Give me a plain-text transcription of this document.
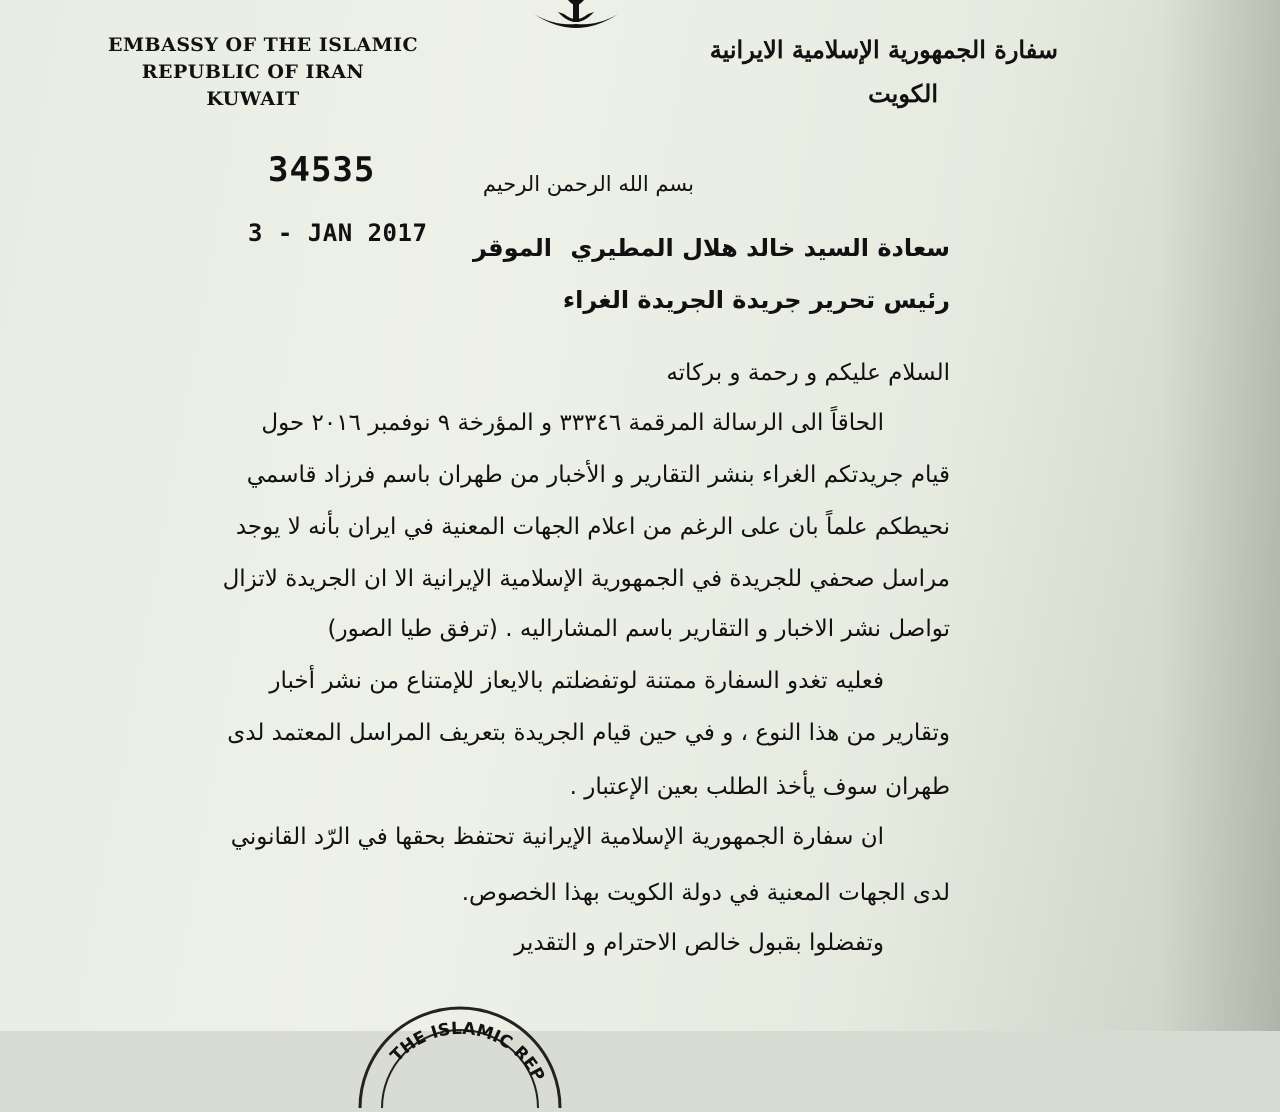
EMBASSY OF THE ISLAMIC
REPUBLIC OF IRAN
KUWAIT
سفارة الجمهورية الإسلامية الايرانية
الكويت
34535
3 - JAN 2017
بسم الله الرحمن الرحيم
سعادة السيد خالد هلال المطيري
الموقر
رئيس تحرير جريدة الجريدة الغراء
السلام عليكم و رحمة و بركاته
الحاقاً الى الرسالة المرقمة ٣٣٣٤٦ و المؤرخة ٩ نوفمبر ٢٠١٦ حول
قيام جريدتكم الغراء بنشر التقارير و الأخبار من طهران باسم فرزاد قاسمي
نحيطكم علماً بان على الرغم من اعلام الجهات المعنية في ايران بأنه لا يوجد
مراسل صحفي للجريدة في الجمهورية الإسلامية الإيرانية الا ان الجريدة لاتزال
تواصل نشر الاخبار و التقارير باسم المشاراليه . (ترفق طيا الصور)
فعليه تغدو السفارة ممتنة لوتفضلتم بالايعاز للإمتناع من نشر أخبار
وتقارير من هذا النوع ، و في حين قيام الجريدة بتعريف المراسل المعتمد لدى
طهران سوف يأخذ الطلب بعين الإعتبار .
ان سفارة الجمهورية الإسلامية الإيرانية تحتفظ بحقها في الرّد القانوني
لدى الجهات المعنية في دولة الكويت بهذا الخصوص.
وتفضلوا بقبول خالص الاحترام و التقدير
THE ISLAMIC REP
